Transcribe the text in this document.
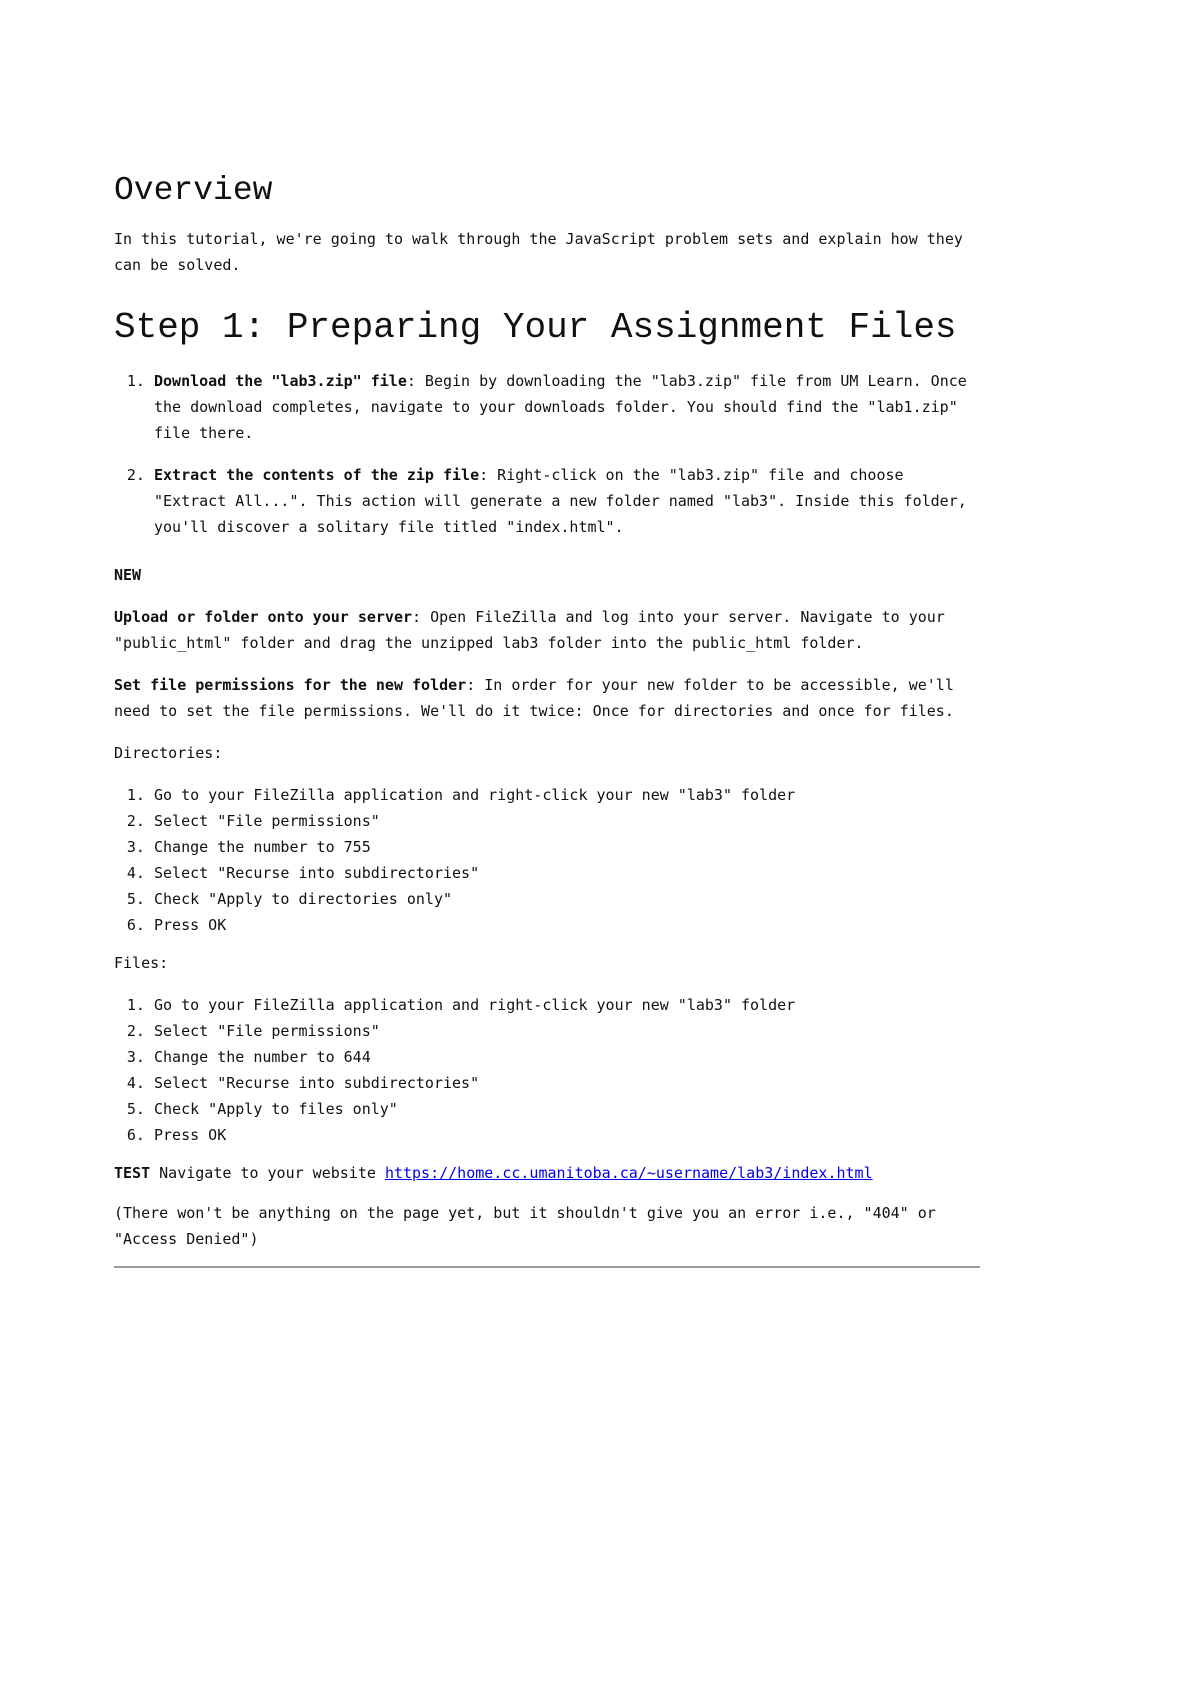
Overview

In this tutorial, we're going to walk through the JavaScript problem sets and explain how they can be solved.

Step 1: Preparing Your Assignment Files
1. Download the "lab3.zip" file: Begin by downloading the "lab3.zip" file from UM Learn. Once the download completes, navigate to your downloads folder. You should find the "lab1.zip" file there.
2. Extract the contents of the zip file: Right-click on the "lab3.zip" file and choose "Extract All...". This action will generate a new folder named "lab3". Inside this folder, you'll discover a solitary file titled "index.html".

NEW

Upload or folder onto your server: Open FileZilla and log into your server. Navigate to your "public_html" folder and drag the unzipped lab3 folder into the public_html folder.

Set file permissions for the new folder: In order for your new folder to be accessible, we'll need to set the file permissions. We'll do it twice: Once for directories and once for files.

Directories:

1. Go to your FileZilla application and right-click your new "lab3" folder
2. Select "File permissions"
3. Change the number to 755
4. Select "Recurse into subdirectories"
5. Check "Apply to directories only"
6. Press OK

Files:

1. Go to your FileZilla application and right-click your new "lab3" folder
2. Select "File permissions"
3. Change the number to 644
4. Select "Recurse into subdirectories"
5. Check "Apply to files only"
6. Press OK

TEST Navigate to your website https://home.cc.umanitoba.ca/~username/lab3/index.html

(There won't be anything on the page yet, but it shouldn't give you an error i.e., "404" or "Access Denied")
